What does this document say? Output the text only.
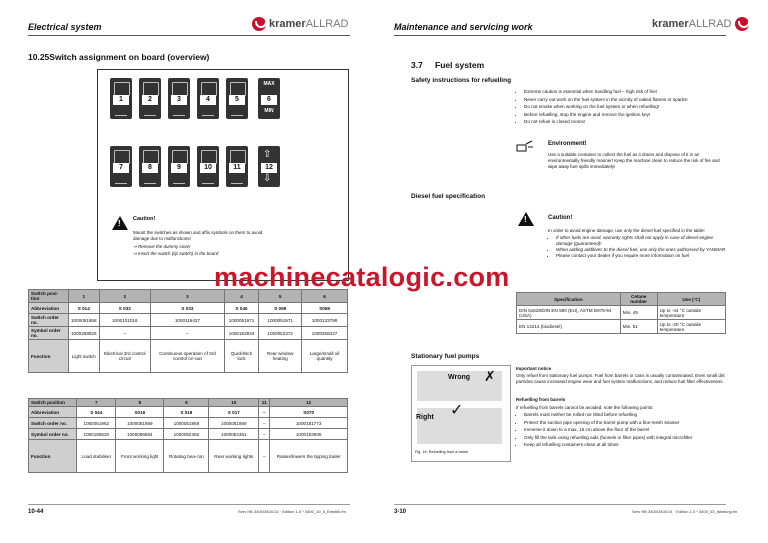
Electrical system	kramerALLRAD
10.25Switch assignment on board (overview)
1	2	3	4	5
MAX
6
MIN
7	8	9	10	11
⇧
12
⇩
! Caution!
Mount the switches as shown and affix symbols on them to avoid damage due to malfunctions!
⇒ Remove the dummy cover
⇒ Insert the switch (tip switch) in the board
Switch posi- tion	1	2	3	4	5	6
Abbreviation	S 014	S 032	S 033	S 040	S 059	S069
Switch order no.	1000051958	1000101016	1000116427	1000051971	1000051971	1000133788
Symbol order no.	1000268826	–	–	1000183934	1000052372	1000268427
Function	Light switch	Electrical 3rd control circuit	Continuous operation of 3rd control cir-cuit	Quickhitch lock	Rear window heating	Large/small oil quantity
Switch position	7	8	9	10	11	12
Abbreviation	S 044	S016	S 018	S 017	–	S070
Switch order no.	1000051962	1000051959	1000051959	1000051959	–	1000181773
Symbol order no.	1000185520	1000096654	1000052356	1000052361	–	1000183935
Function	Load stabiliser	Front working light	Rotating bea-con	Rear working lights	–	Raises/lowers the tipping trailer
10-44	Serv HB 3400/3400-02 · Edition 1.0 * 3400_10_0_Elektrik.fm
Maintenance and servicing work	kramerALLRAD
3.7 Fuel system
Safety instructions for refuelling
• Extreme caution is essential when handling fuel – high risk of fire!
• Never carry out work on the fuel system in the vicinity of naked flames or sparks!
• Do not smoke when working on the fuel system or when refuelling!
• Before refuelling, stop the engine and remove the ignition key!
• Do not refuel in closed rooms!
Environment!
Use a suitable container to collect the fuel as it drains and dispose of it in an environmentally friendly manner! Keep the machine clean to reduce the risk of fire and wipe away fuel spills immediately!
Diesel fuel specification
!	Caution!
In order to avoid engine damage, use only the diesel fuel specified in the table!
• If other fuels are used, warranty rights shall not apply in case of diesel engine damage (guaranteed)!
• When adding additives to the diesel fuel, use only the ones authorised by YANMAR
• Please contact your dealer if you require more information on fuel
Specification	Cetane number	Use (°C)
DIN 51628/DIN EN 590 (EU), ASTM D975-94 (USA)	Min. 49	Up to -44 °C outside temperature
EN 14214 (biodiesel)	Min. 51	Up to -20 °C outside temperature
Stationary fuel pumps
Wrong ✗
Right ✓
Fig. 16: Refuelling from a barrel
Important notice
Only refuel from stationary fuel pumps. Fuel from barrels or cans is usually contaminated. Even small dirt particles cause increased engine wear and fuel system malfunctions, and reduce fuel filter effectiveness.
Refuelling from barrels
If refuelling from barrels cannot be avoided, note the following points:
• Barrels must neither be rolled nor tilted before refuelling
• Protect the suction pipe opening of the barrel pump with a fine-mesh strainer
• Immerse it down to a max. 15 cm above the floor of the barrel
• Only fill the tank using refuelling aids (funnels or filter pipes) with integral microfilter
• Keep all refuelling containers clean at all times
3-10	Serv HB 3400/3400-01 · Edition 1.0 * 3400_03_Wartung.fm
machinecatalogic.com
